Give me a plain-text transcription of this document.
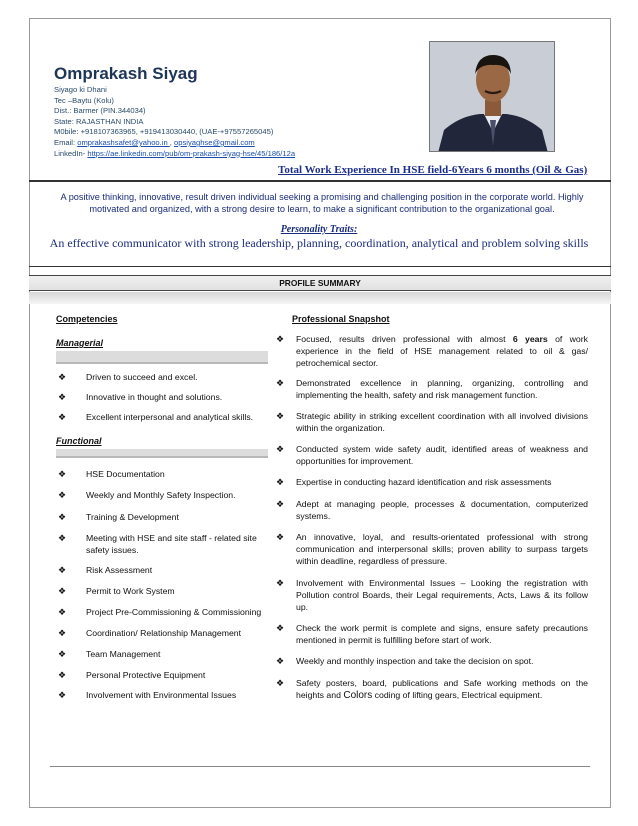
Omprakash Siyag
Siyago ki Dhani
Tec –Baytu (Kolu)
Dist.: Barmer (PIN.344034)
State: RAJASTHAN INDIA
M0bile: +918107363965, +919413030440, (UAE-+97557265045)
Email: omprakashsafet@yahoo.in , opsiyaghse@gmail.com
LinkedIn- https://ae.linkedin.com/pub/om-prakash-siyag-hse/45/186/12a
Total Work Experience In HSE field-6Years 6 months (Oil & Gas)
A positive thinking, innovative, result driven individual seeking a promising and challenging position in the corporate world. Highly motivated and organized, with a strong desire to learn, to make a significant contribution to the organizational goal.
Personality Traits:
An effective communicator with strong leadership, planning, coordination, analytical and problem solving skills
PROFILE SUMMARY
Competencies
Managerial
❖ Driven to succeed and excel.
❖ Innovative in thought and solutions.
❖ Excellent interpersonal and analytical skills.
Functional
❖ HSE Documentation
❖ Weekly and Monthly Safety Inspection.
❖ Training & Development
❖ Meeting with HSE and site staff - related site safety issues.
❖ Risk Assessment
❖ Permit to Work System
❖ Project Pre-Commissioning & Commissioning
❖ Coordination/ Relationship Management
❖ Team Management
❖ Personal Protective Equipment
❖ Involvement with Environmental Issues
Professional Snapshot
❖ Focused, results driven professional with almost 6 years of work experience in the field of HSE management related to oil & gas/ petrochemical sector.
❖ Demonstrated excellence in planning, organizing, controlling and implementing the health, safety and risk management function.
❖ Strategic ability in striking excellent coordination with all involved divisions within the organization.
❖ Conducted system wide safety audit, identified areas of weakness and opportunities for improvement.
❖ Expertise in conducting hazard identification and risk assessments
❖ Adept at managing people, processes & documentation, computerized systems.
❖ An innovative, loyal, and results-orientated professional with strong communication and interpersonal skills; proven ability to surpass targets within deadline, regardless of pressure.
❖ Involvement with Environmental Issues – Looking the registration with Pollution control Boards, their Legal requirements, Acts, Laws & its follow up.
❖ Check the work permit is complete and signs, ensure safety precautions mentioned in permit is fulfilling before start of work.
❖ Weekly and monthly inspection and take the decision on spot.
❖ Safety posters, board, publications and Safe working methods on the heights and Colors coding of lifting gears, Electrical equipment.
